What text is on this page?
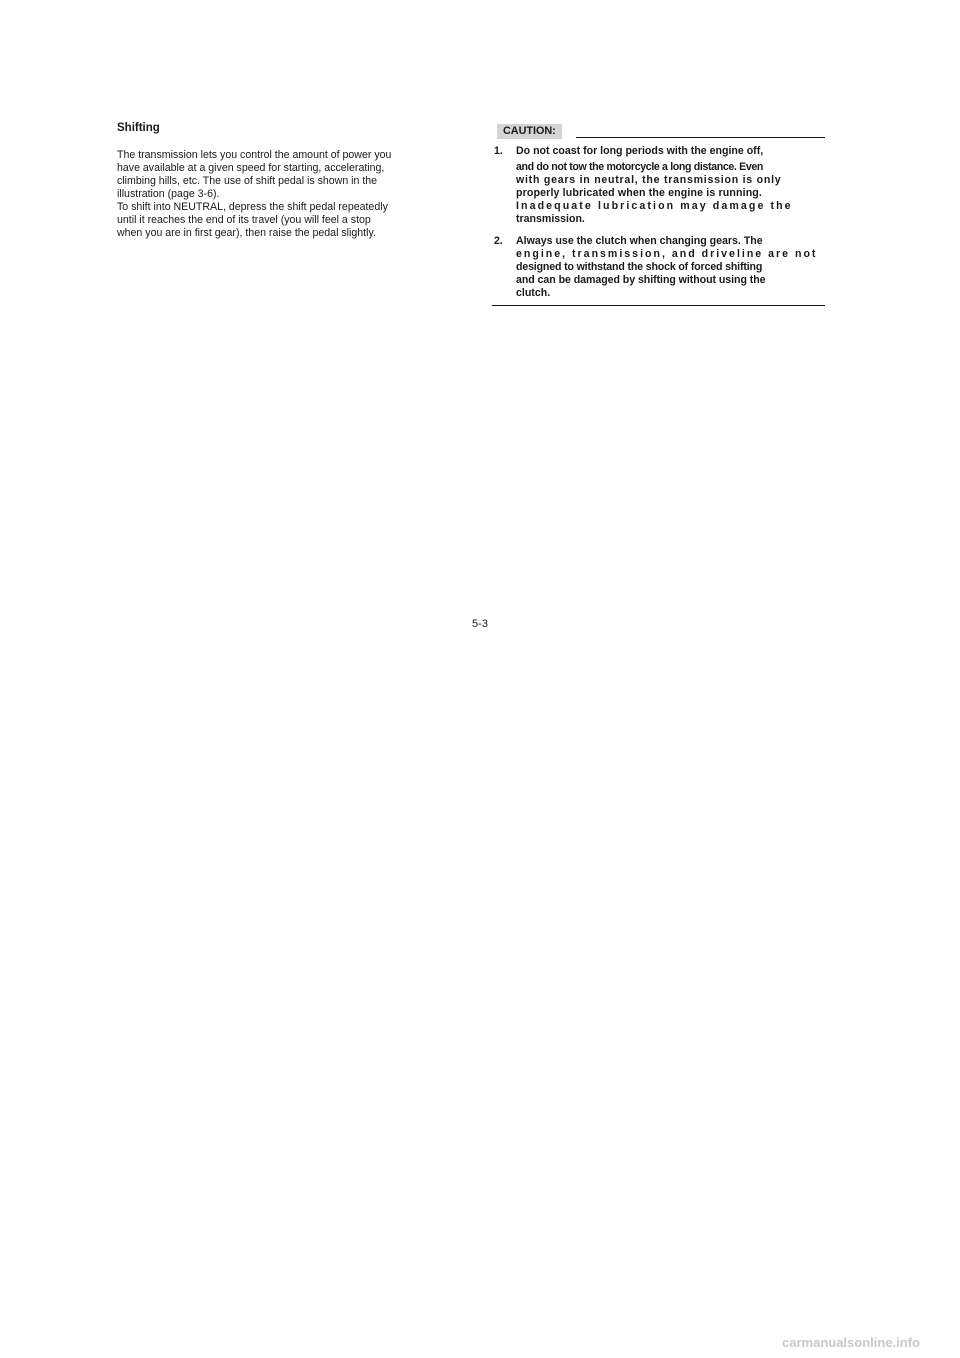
Shifting

The transmission lets you control the amount of power you
have available at a given speed for starting, accelerating,
climbing hills, etc. The use of shift pedal is shown in the
illustration (page 3-6).
To shift into NEUTRAL, depress the shift pedal repeatedly
until it reaches the end of its travel (you will feel a stop
when you are in first gear), then raise the pedal slightly.

CAUTION:
1. Do not coast for long periods with the engine off,
and do not tow the motorcycle a long distance. Even
with gears in neutral, the transmission is only
properly lubricated when the engine is running.
Inadequate lubrication may damage the
transmission.
2. Always use the clutch when changing gears. The
engine, transmission, and driveline are not
designed to withstand the shock of forced shifting
and can be damaged by shifting without using the
clutch.
5-3
carmanualsonline.info
